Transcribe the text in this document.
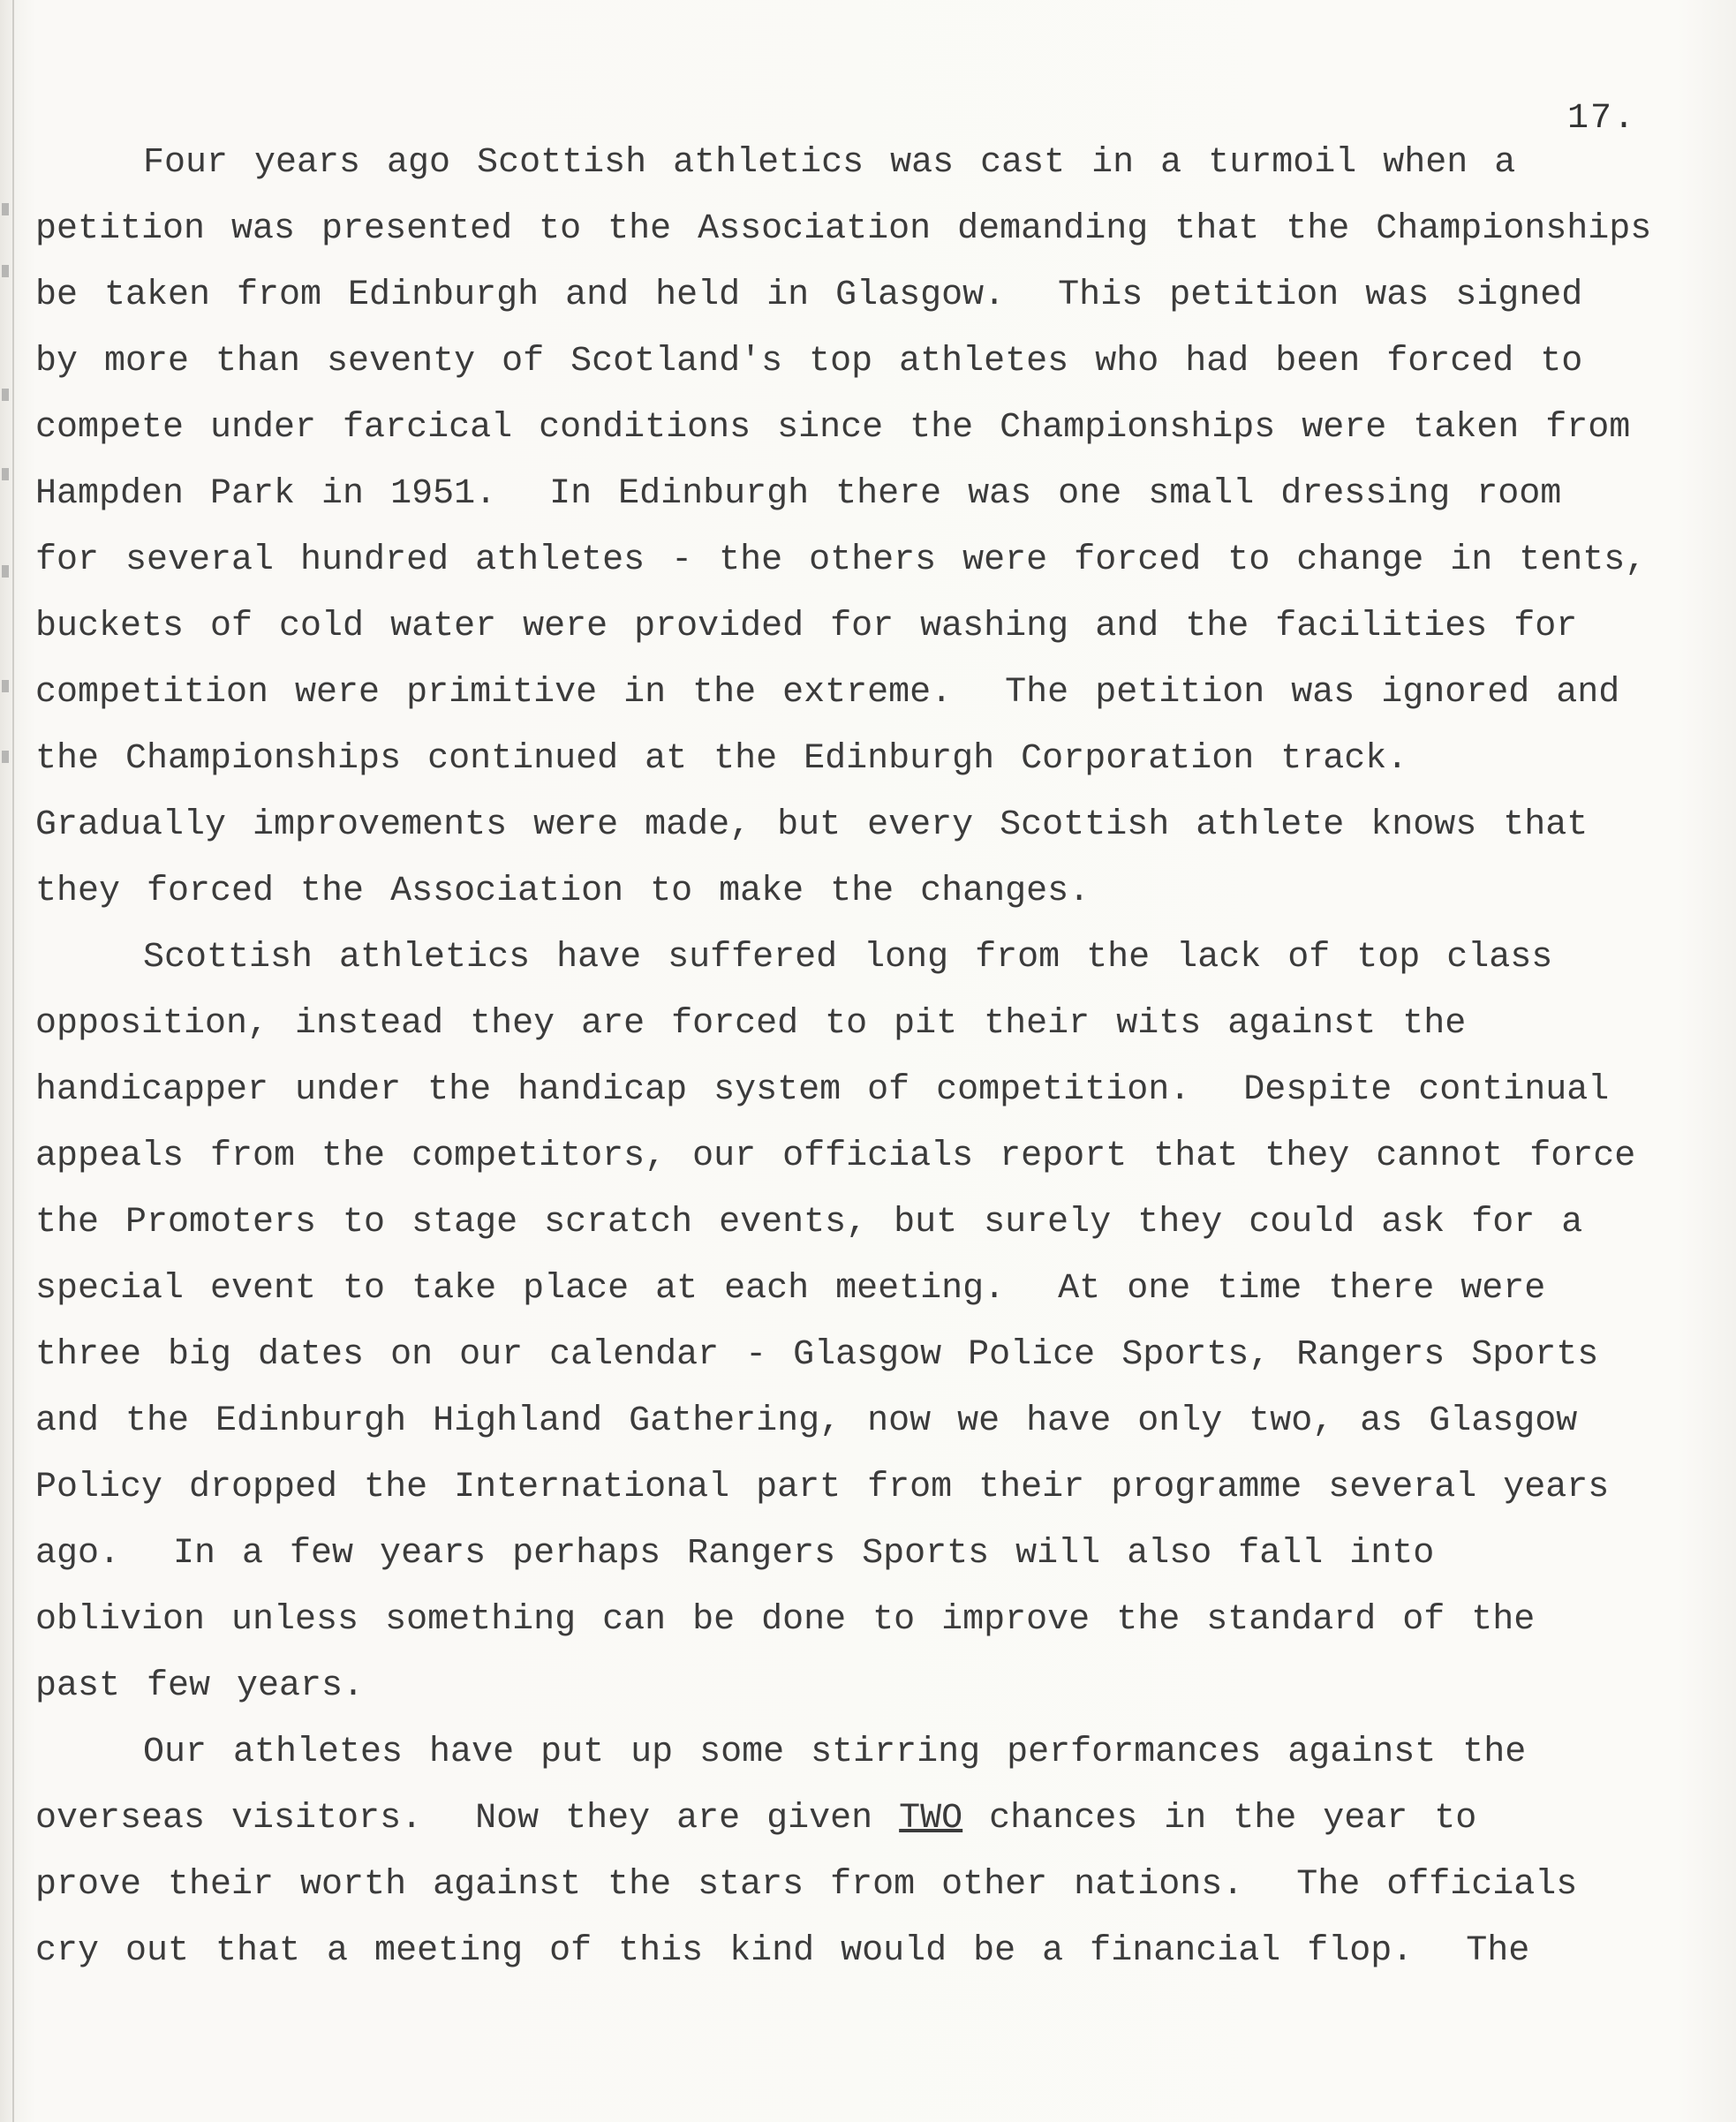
17.
Four years ago Scottish athletics was cast in a turmoil when a
petition was presented to the Association demanding that the Championships
be taken from Edinburgh and held in Glasgow.  This petition was signed
by more than seventy of Scotland's top athletes who had been forced to
compete under farcical conditions since the Championships were taken from
Hampden Park in 1951.  In Edinburgh there was one small dressing room
for several hundred athletes - the others were forced to change in tents,
buckets of cold water were provided for washing and the facilities for
competition were primitive in the extreme.  The petition was ignored and
the Championships continued at the Edinburgh Corporation track.
Gradually improvements were made, but every Scottish athlete knows that
they forced the Association to make the changes.
Scottish athletics have suffered long from the lack of top class
opposition, instead they are forced to pit their wits against the
handicapper under the handicap system of competition.  Despite continual
appeals from the competitors, our officials report that they cannot force
the Promoters to stage scratch events, but surely they could ask for a
special event to take place at each meeting.  At one time there were
three big dates on our calendar - Glasgow Police Sports, Rangers Sports
and the Edinburgh Highland Gathering, now we have only two, as Glasgow
Policy dropped the International part from their programme several years
ago.  In a few years perhaps Rangers Sports will also fall into
oblivion unless something can be done to improve the standard of the
past few years.
Our athletes have put up some stirring performances against the
overseas visitors.  Now they are given TWO chances in the year to
prove their worth against the stars from other nations.  The officials
cry out that a meeting of this kind would be a financial flop.  The
